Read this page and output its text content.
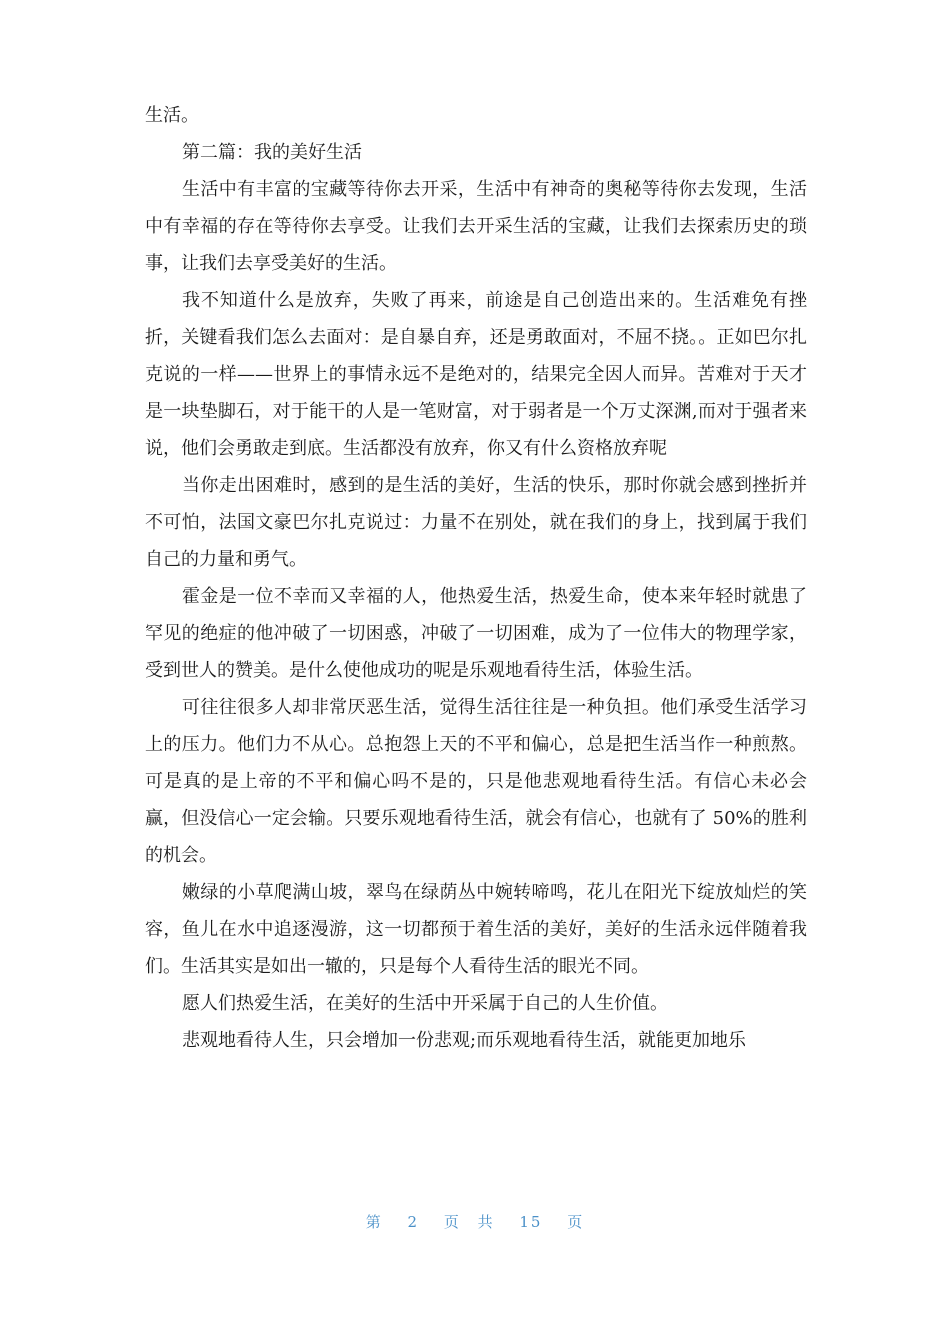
生活。

第二篇：我的美好生活

生活中有丰富的宝藏等待你去开采，生活中有神奇的奥秘等待你去发现，生活中有幸福的存在等待你去享受。让我们去开采生活的宝藏，让我们去探索历史的琐事，让我们去享受美好的生活。

我不知道什么是放弃，失败了再来，前途是自己创造出来的。生活难免有挫折，关键看我们怎么去面对：是自暴自弃，还是勇敢面对，不屈不挠。。正如巴尔扎克说的一样——世界上的事情永远不是绝对的，结果完全因人而异。苦难对于天才是一块垫脚石，对于能干的人是一笔财富，对于弱者是一个万丈深渊,而对于强者来说，他们会勇敢走到底。生活都没有放弃，你又有什么资格放弃呢

当你走出困难时，感到的是生活的美好，生活的快乐，那时你就会感到挫折并不可怕，法国文豪巴尔扎克说过：力量不在别处，就在我们的身上，找到属于我们自己的力量和勇气。

霍金是一位不幸而又幸福的人，他热爱生活，热爱生命，使本来年轻时就患了罕见的绝症的他冲破了一切困惑，冲破了一切困难，成为了一位伟大的物理学家，受到世人的赞美。是什么使他成功的呢是乐观地看待生活，体验生活。

可往往很多人却非常厌恶生活，觉得生活往往是一种负担。他们承受生活学习上的压力。他们力不从心。总抱怨上天的不平和偏心，总是把生活当作一种煎熬。可是真的是上帝的不平和偏心吗不是的，只是他悲观地看待生活。有信心未必会赢，但没信心一定会输。只要乐观地看待生活，就会有信心，也就有了 50%的胜利的机会。

嫩绿的小草爬满山坡，翠鸟在绿荫丛中婉转啼鸣，花儿在阳光下绽放灿烂的笑容，鱼儿在水中追逐漫游，这一切都预于着生活的美好，美好的生活永远伴随着我们。生活其实是如出一辙的，只是每个人看待生活的眼光不同。

愿人们热爱生活，在美好的生活中开采属于自己的人生价值。

悲观地看待人生，只会增加一份悲观;而乐观地看待生活，就能更加地乐

第 2 页 共 15 页
